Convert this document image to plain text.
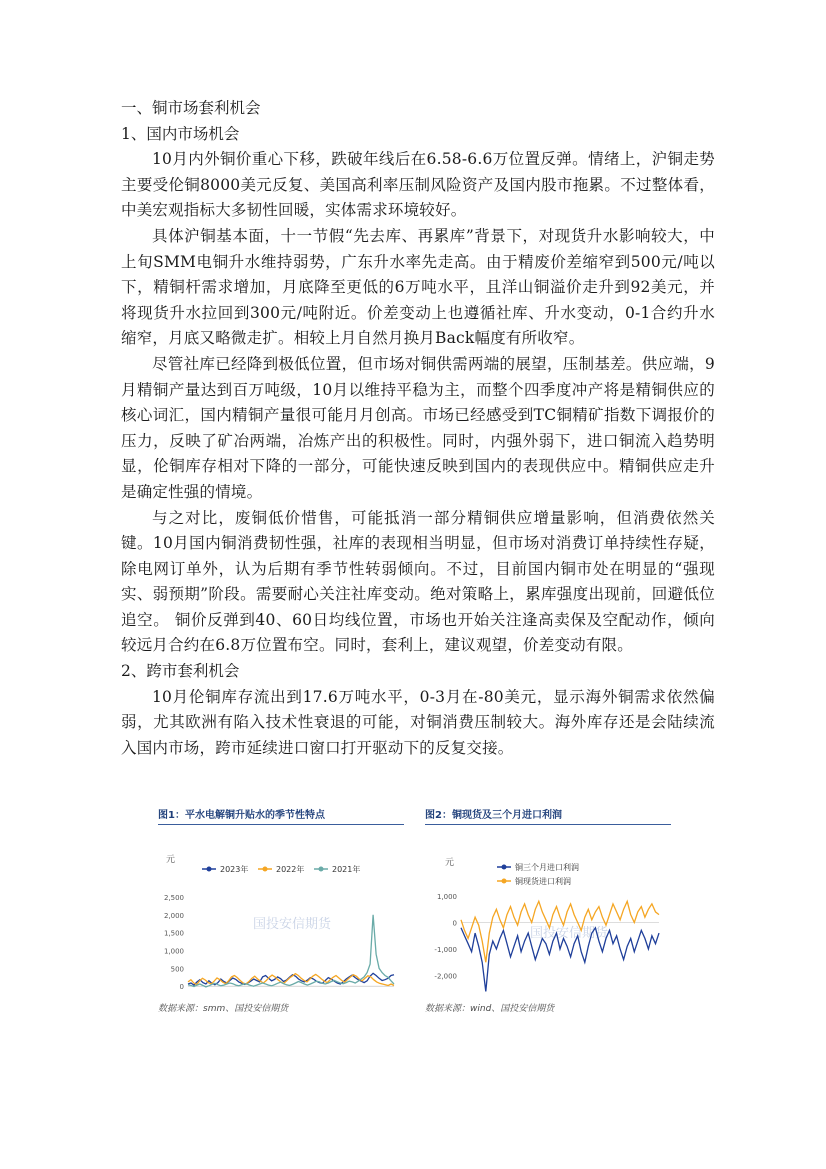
一、铜市场套利机会

1、国内市场机会

10月内外铜价重心下移，跌破年线后在6.58-6.6万位置反弹。情绪上，沪铜走势主要受伦铜8000美元反复、美国高利率压制风险资产及国内股市拖累。不过整体看，中美宏观指标大多韧性回暖，实体需求环境较好。

具体沪铜基本面，十一节假“先去库、再累库”背景下，对现货升水影响较大，中上旬SMM电铜升水维持弱势，广东升水率先走高。由于精废价差缩窄到500元/吨以下，精铜杆需求增加，月底降至更低的6万吨水平，且洋山铜溢价走升到92美元，并将现货升水拉回到300元/吨附近。价差变动上也遵循社库、升水变动，0-1合约升水缩窄，月底又略微走扩。相较上月自然月换月Back幅度有所收窄。

尽管社库已经降到极低位置，但市场对铜供需两端的展望，压制基差。供应端，9月精铜产量达到百万吨级，10月以维持平稳为主，而整个四季度冲产将是精铜供应的核心词汇，国内精铜产量很可能月月创高。市场已经感受到TC铜精矿指数下调报价的压力，反映了矿冶两端，冶炼产出的积极性。同时，内强外弱下，进口铜流入趋势明显，伦铜库存相对下降的一部分，可能快速反映到国内的表现供应中。精铜供应走升是确定性强的情境。

与之对比，废铜低价惜售，可能抵消一部分精铜供应增量影响，但消费依然关键。10月国内铜消费韧性强，社库的表现相当明显，但市场对消费订单持续性存疑，除电网订单外，认为后期有季节性转弱倾向。不过，目前国内铜市处在明显的“强现实、弱预期”阶段。需要耐心关注社库变动。绝对策略上，累库强度出现前，回避低位追空。 铜价反弹到40、60日均线位置，市场也开始关注逢高卖保及空配动作，倾向较远月合约在6.8万位置布空。同时，套利上，建议观望，价差变动有限。

2、跨市套利机会

10月伦铜库存流出到17.6万吨水平，0-3月在-80美元，显示海外铜需求依然偏弱，尤其欧洲有陷入技术性衰退的可能，对铜消费压制较大。海外库存还是会陆续流入国内市场，跨市延续进口窗口打开驱动下的反复交接。

图1：平水电解铜升贴水的季节性特点
元
2023年	2022年	2021年
2,500
2,000
1,500
1,000
500
0
国投安信期货
数据来源：smm、国投安信期货
图2：铜现货及三个月进口利润
元	铜三个月进口利润
铜现货进口利润
1,000
0
-1,000
-2,000
国投安信期货
数据来源：wind、国投安信期货
